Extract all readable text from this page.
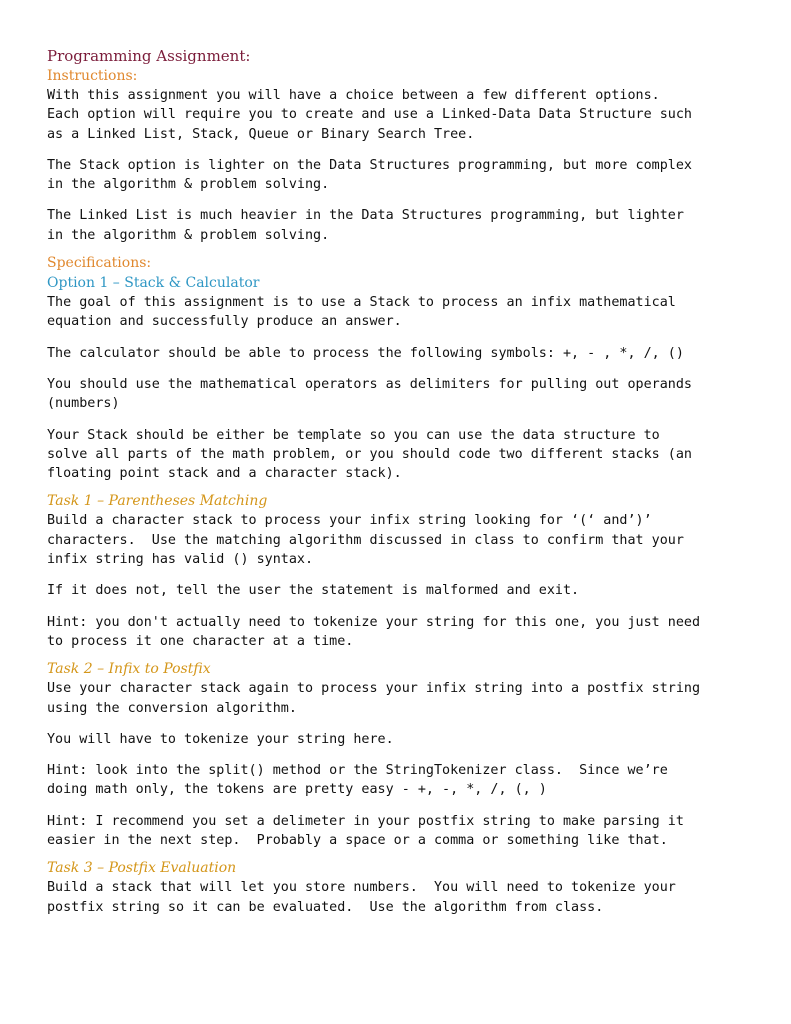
Programming Assignment:

Instructions:

With this assignment you will have a choice between a few different options.
Each option will require you to create and use a Linked-Data Data Structure such
as a Linked List, Stack, Queue or Binary Search Tree.

The Stack option is lighter on the Data Structures programming, but more complex
in the algorithm & problem solving.

The Linked List is much heavier in the Data Structures programming, but lighter
in the algorithm & problem solving.

Specifications:

Option 1 – Stack & Calculator

The goal of this assignment is to use a Stack to process an infix mathematical
equation and successfully produce an answer.

The calculator should be able to process the following symbols: +, - , *, /, ()

You should use the mathematical operators as delimiters for pulling out operands
(numbers)

Your Stack should be either be template so you can use the data structure to
solve all parts of the math problem, or you should code two different stacks (an
floating point stack and a character stack).

Task 1 – Parentheses Matching

Build a character stack to process your infix string looking for ‘(‘ and’)’
characters.  Use the matching algorithm discussed in class to confirm that your
infix string has valid () syntax.

If it does not, tell the user the statement is malformed and exit.

Hint: you don't actually need to tokenize your string for this one, you just need
to process it one character at a time.

Task 2 – Infix to Postfix

Use your character stack again to process your infix string into a postfix string
using the conversion algorithm.

You will have to tokenize your string here.

Hint: look into the split() method or the StringTokenizer class.  Since we’re
doing math only, the tokens are pretty easy - +, -, *, /, (, )

Hint: I recommend you set a delimeter in your postfix string to make parsing it
easier in the next step.  Probably a space or a comma or something like that.

Task 3 – Postfix Evaluation

Build a stack that will let you store numbers.  You will need to tokenize your
postfix string so it can be evaluated.  Use the algorithm from class.
